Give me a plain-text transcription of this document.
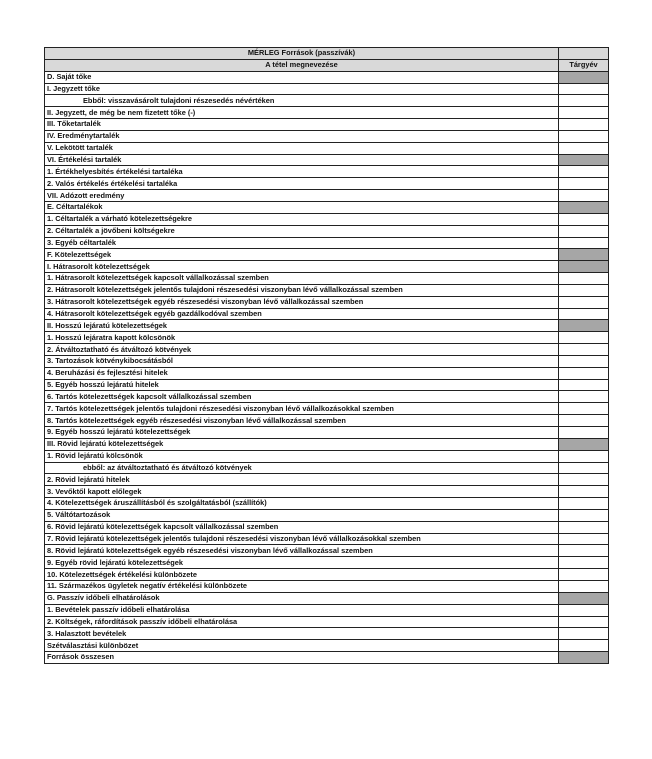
MÉRLEG Források (passzívák)	
A tétel megnevezése	Tárgyév
D. Saját tőke	
I. Jegyzett tőke	
Ebből: visszavásárolt tulajdoni részesedés névértéken	
II. Jegyzett, de még be nem fizetett tőke (-)	
III. Tőketartalék	
IV. Eredménytartalék	
V. Lekötött tartalék	
VI. Értékelési tartalék	
1. Értékhelyesbítés értékelési tartaléka	
2. Valós értékelés értékelési tartaléka	
VII. Adózott eredmény	
E. Céltartalékok	
1. Céltartalék a várható kötelezettségekre	
2. Céltartalék a jövőbeni költségekre	
3. Egyéb céltartalék	
F. Kötelezettségek	
I. Hátrasorolt kötelezettségek	
1. Hátrasorolt kötelezettségek kapcsolt vállalkozással szemben	
2. Hátrasorolt kötelezettségek jelentős tulajdoni részesedési viszonyban lévő vállalkozással szemben	
3. Hátrasorolt kötelezettségek egyéb részesedési viszonyban lévő vállalkozással szemben	
4. Hátrasorolt kötelezettségek egyéb gazdálkodóval szemben	
II. Hosszú lejáratú kötelezettségek	
1. Hosszú lejáratra kapott kölcsönök	
2. Átváltoztatható és átváltozó kötvények	
3. Tartozások kötvénykibocsátásból	
4. Beruházási és fejlesztési hitelek	
5. Egyéb hosszú lejáratú hitelek	
6. Tartós kötelezettségek kapcsolt vállalkozással szemben	
7. Tartós kötelezettségek jelentős tulajdoni részesedési viszonyban lévő vállalkozásokkal szemben	
8. Tartós kötelezettségek egyéb részesedési viszonyban lévő vállalkozással szemben	
9. Egyéb hosszú lejáratú kötelezettségek	
III. Rövid lejáratú kötelezettségek	
1. Rövid lejáratú kölcsönök	
ebből: az átváltoztatható és átváltozó kötvények	
2. Rövid lejáratú hitelek	
3. Vevőktől kapott előlegek	
4. Kötelezettségek áruszállításból és szolgáltatásból (szállítók)	
5. Váltótartozások	
6. Rövid lejáratú kötelezettségek kapcsolt vállalkozással szemben	
7. Rövid lejáratú kötelezettségek jelentős tulajdoni részesedési viszonyban lévő vállalkozásokkal szemben	
8. Rövid lejáratú kötelezettségek egyéb részesedési viszonyban lévő vállalkozással szemben	
9. Egyéb rövid lejáratú kötelezettségek	
10. Kötelezettségek értékelési különbözete	
11. Származékos ügyletek negatív értékelési különbözete	
G. Passzív időbeli elhatárolások	
1. Bevételek passzív időbeli elhatárolása	
2. Költségek, ráfordítások passzív időbeli elhatárolása	
3. Halasztott bevételek	
Szétválasztási különbözet	
Források összesen	
